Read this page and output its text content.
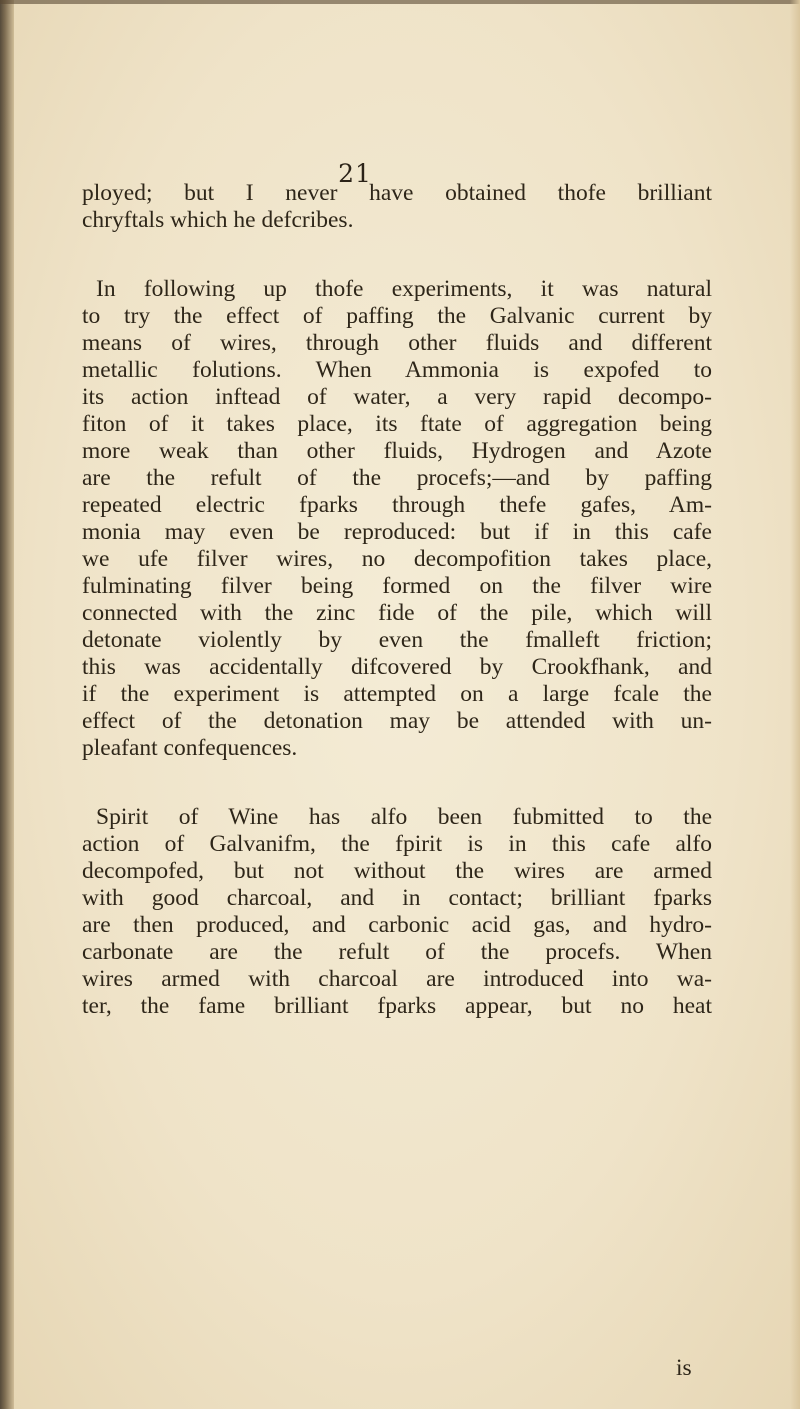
21
ployed; but I never have obtained thofe brilliant
chryftals which he defcribes.
In following up thofe experiments, it was natural
to try the effect of paffing the Galvanic current by
means of wires, through other fluids and different
metallic folutions. When Ammonia is expofed to
its action inftead of water, a very rapid decompo-
fiton of it takes place, its ftate of aggregation being
more weak than other fluids, Hydrogen and Azote
are the refult of the procefs;—and by paffing
repeated electric fparks through thefe gafes, Am-
monia may even be reproduced: but if in this cafe
we ufe filver wires, no decompofition takes place,
fulminating filver being formed on the filver wire
connected with the zinc fide of the pile, which will
detonate violently by even the fmalleft friction;
this was accidentally difcovered by Crookfhank, and
if the experiment is attempted on a large fcale the
effect of the detonation may be attended with un-
pleafant confequences.
Spirit of Wine has alfo been fubmitted to the
action of Galvanifm, the fpirit is in this cafe alfo
decompofed, but not without the wires are armed
with good charcoal, and in contact; brilliant fparks
are then produced, and carbonic acid gas, and hydro-
carbonate are the refult of the procefs. When
wires armed with charcoal are introduced into wa-
ter, the fame brilliant fparks appear, but no heat
is
